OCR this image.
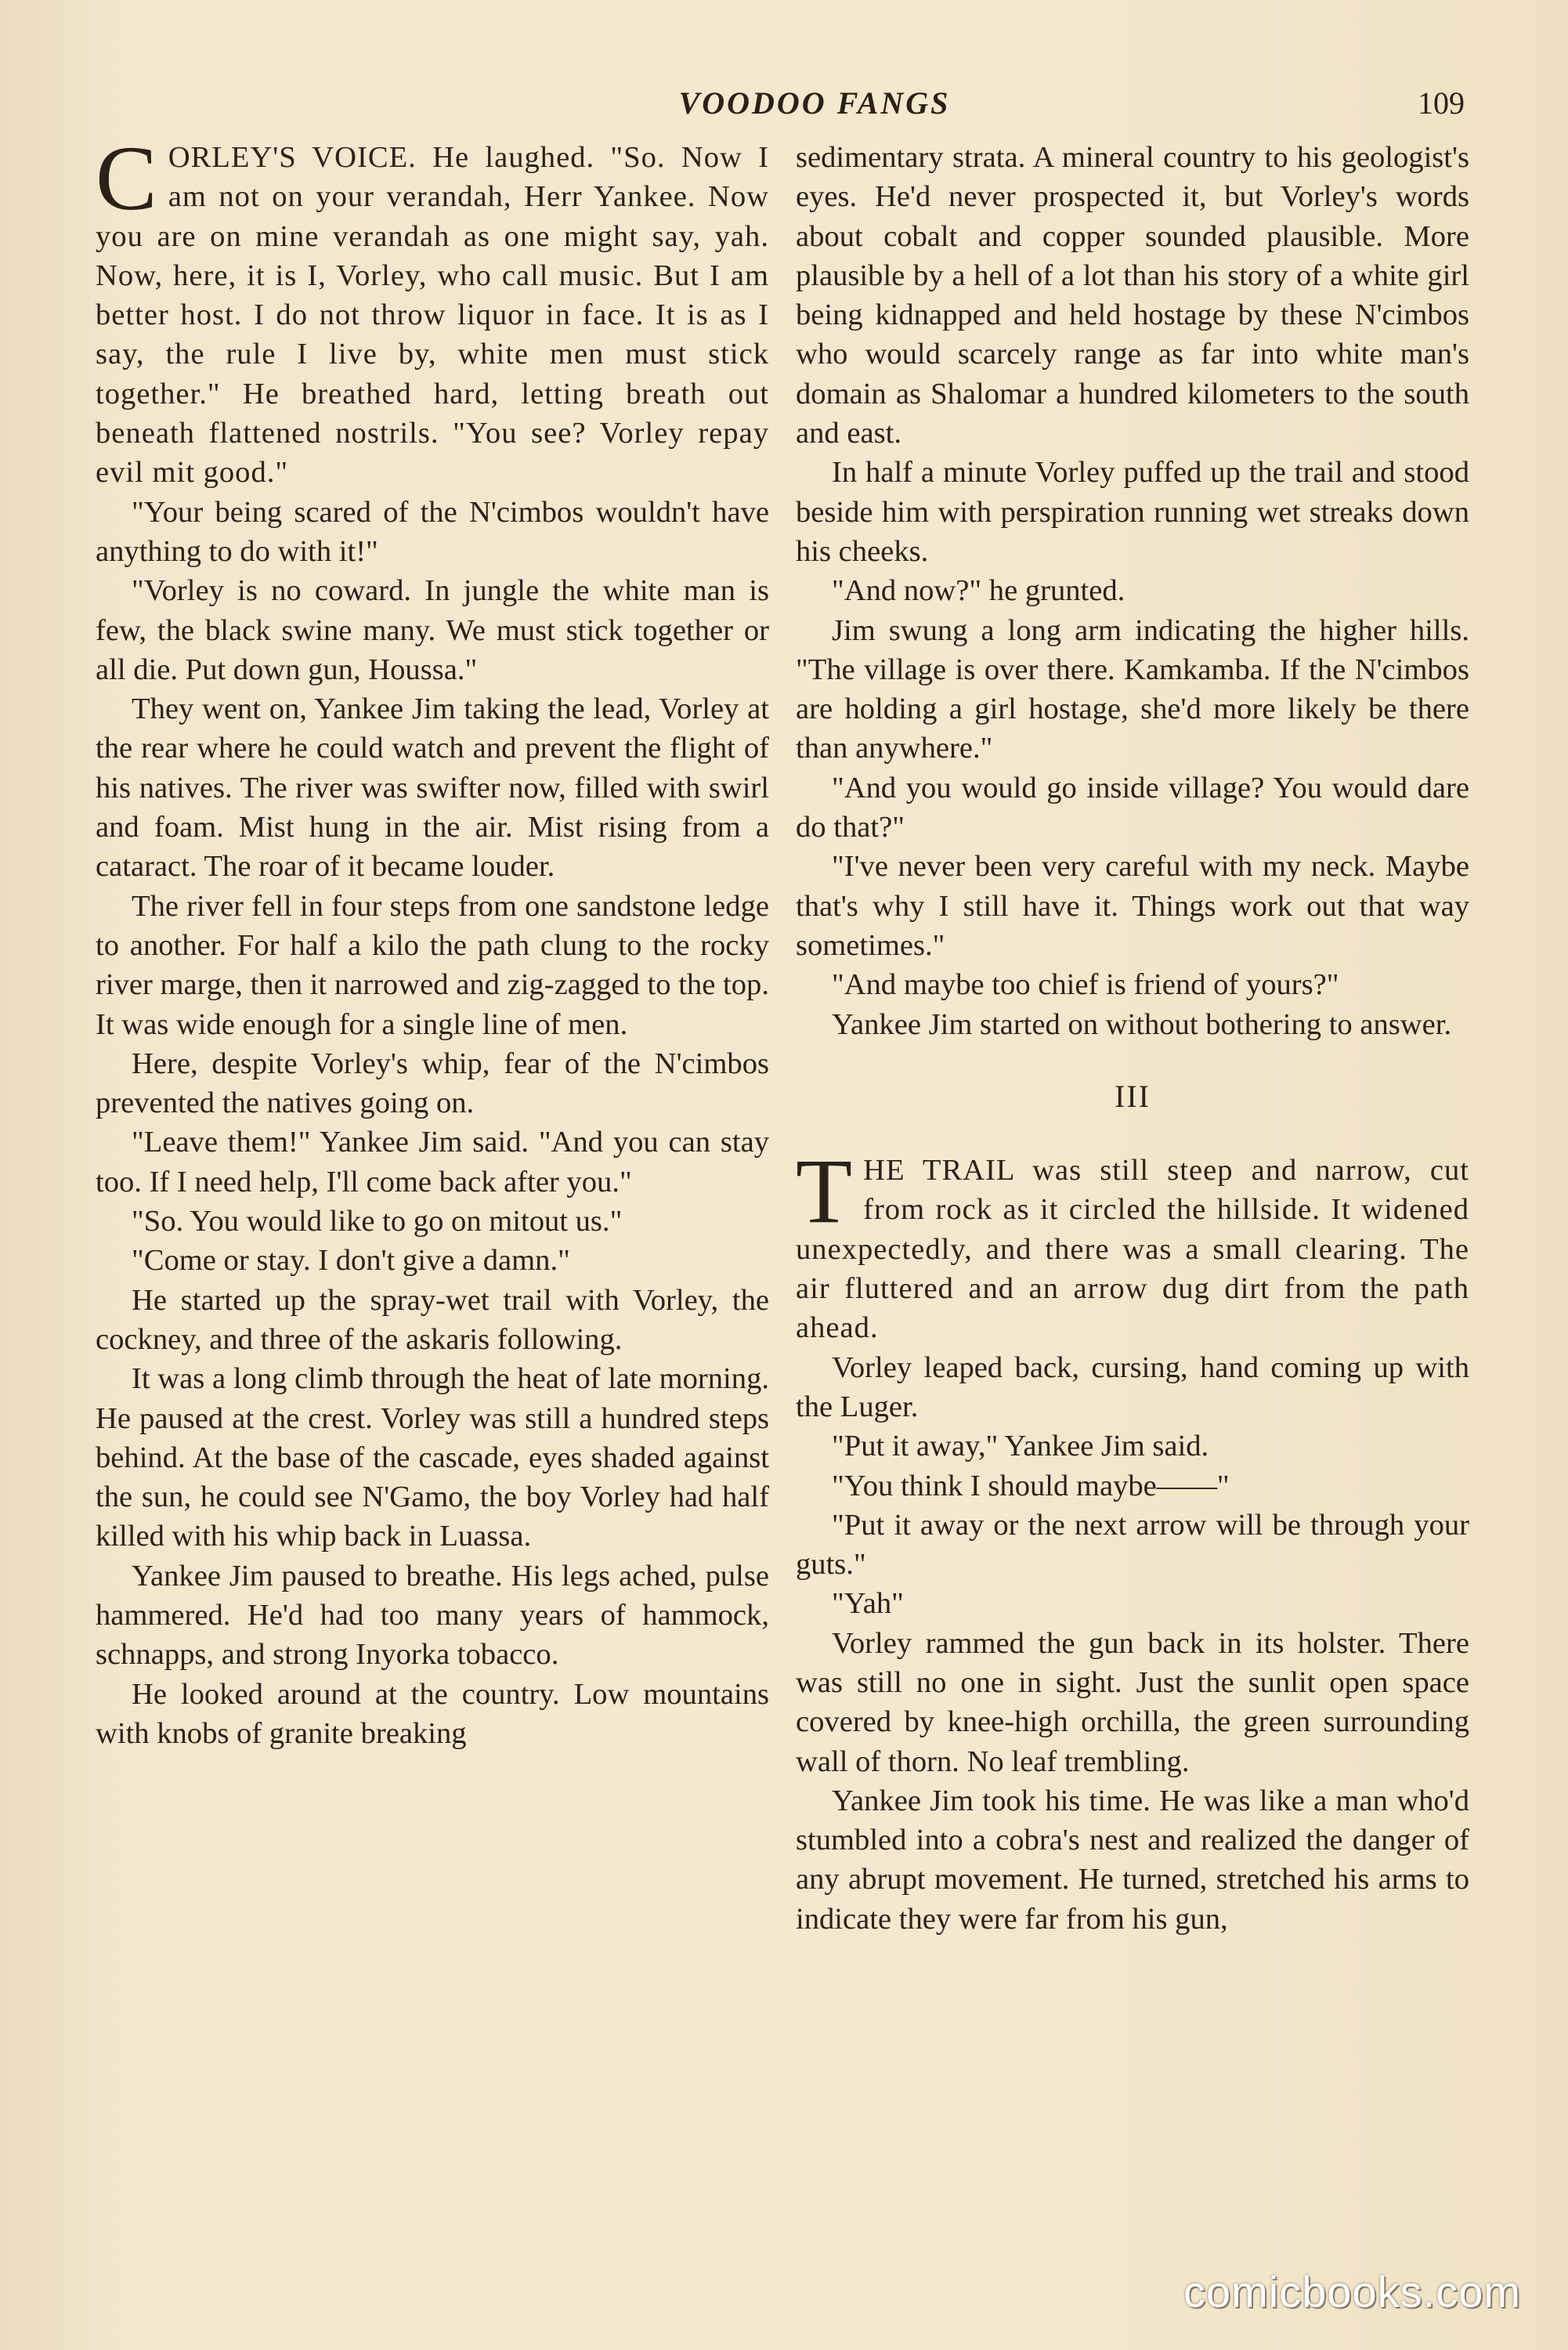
VOODOO FANGS	109

CORLEY'S VOICE. He laughed. "So. Now I am not on your verandah, Herr Yankee. Now you are on mine verandah as one might say, yah. Now, here, it is I, Vorley, who call music. But I am better host. I do not throw liquor in face. It is as I say, the rule I live by, white men must stick together." He breathed hard, letting breath out beneath flattened nostrils. "You see? Vorley repay evil mit good."

"Your being scared of the N'cimbos wouldn't have anything to do with it!"

"Vorley is no coward. In jungle the white man is few, the black swine many. We must stick together or all die. Put down gun, Houssa."

They went on, Yankee Jim taking the lead, Vorley at the rear where he could watch and prevent the flight of his natives. The river was swifter now, filled with swirl and foam. Mist hung in the air. Mist rising from a cataract. The roar of it became louder.

The river fell in four steps from one sandstone ledge to another. For half a kilo the path clung to the rocky river marge, then it narrowed and zig-zagged to the top. It was wide enough for a single line of men.

Here, despite Vorley's whip, fear of the N'cimbos prevented the natives going on.

"Leave them!" Yankee Jim said. "And you can stay too. If I need help, I'll come back after you."

"So. You would like to go on mitout us."

"Come or stay. I don't give a damn."

He started up the spray-wet trail with Vorley, the cockney, and three of the askaris following.

It was a long climb through the heat of late morning. He paused at the crest. Vorley was still a hundred steps behind. At the base of the cascade, eyes shaded against the sun, he could see N'Gamo, the boy Vorley had half killed with his whip back in Luassa.

Yankee Jim paused to breathe. His legs ached, pulse hammered. He'd had too many years of hammock, schnapps, and strong Inyorka tobacco.

He looked around at the country. Low mountains with knobs of granite breaking

sedimentary strata. A mineral country to his geologist's eyes. He'd never prospected it, but Vorley's words about cobalt and copper sounded plausible. More plausible by a hell of a lot than his story of a white girl being kidnapped and held hostage by these N'cimbos who would scarcely range as far into white man's domain as Shalomar a hundred kilometers to the south and east.

In half a minute Vorley puffed up the trail and stood beside him with perspiration running wet streaks down his cheeks.

"And now?" he grunted.

Jim swung a long arm indicating the higher hills. "The village is over there. Kamkamba. If the N'cimbos are holding a girl hostage, she'd more likely be there than anywhere."

"And you would go inside village? You would dare do that?"

"I've never been very careful with my neck. Maybe that's why I still have it. Things work out that way sometimes."

"And maybe too chief is friend of yours?"

Yankee Jim started on without bothering to answer.

III

THE TRAIL was still steep and narrow, cut from rock as it circled the hillside. It widened unexpectedly, and there was a small clearing. The air fluttered and an arrow dug dirt from the path ahead.

Vorley leaped back, cursing, hand coming up with the Luger.

"Put it away," Yankee Jim said.

"You think I should maybe——"

"Put it away or the next arrow will be through your guts."

"Yah"

Vorley rammed the gun back in its holster. There was still no one in sight. Just the sunlit open space covered by knee-high orchilla, the green surrounding wall of thorn. No leaf trembling.

Yankee Jim took his time. He was like a man who'd stumbled into a cobra's nest and realized the danger of any abrupt movement. He turned, stretched his arms to indicate they were far from his gun,

comicbooks.com
